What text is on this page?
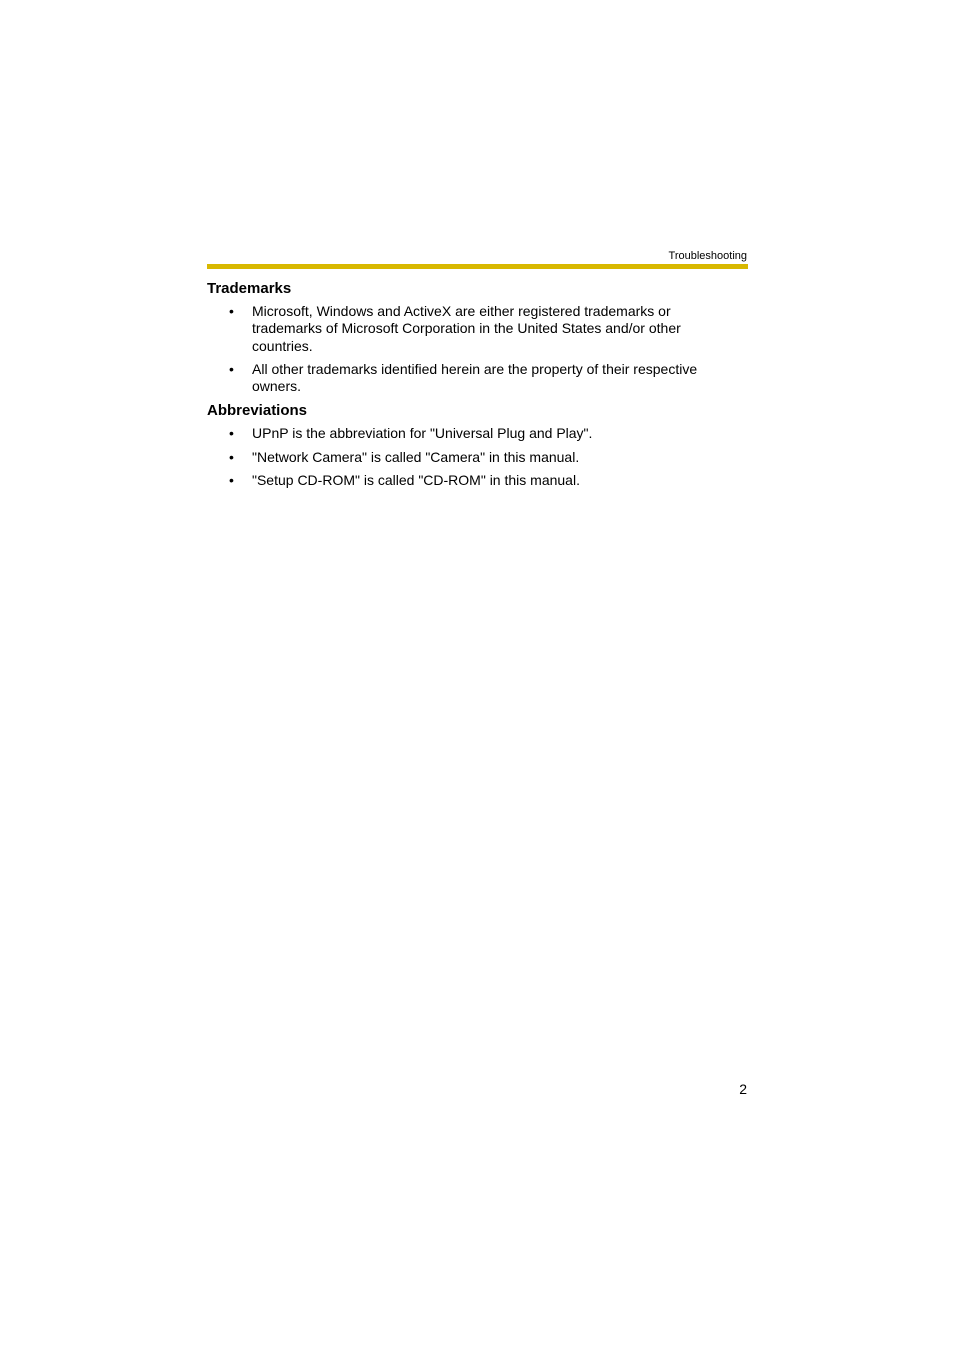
Troubleshooting
Trademarks
• Microsoft, Windows and ActiveX are either registered trademarks or trademarks of Microsoft Corporation in the United States and/or other countries.
• All other trademarks identified herein are the property of their respective owners.
Abbreviations
• UPnP is the abbreviation for "Universal Plug and Play".
• "Network Camera" is called "Camera" in this manual.
• "Setup CD-ROM" is called "CD-ROM" in this manual.
2
